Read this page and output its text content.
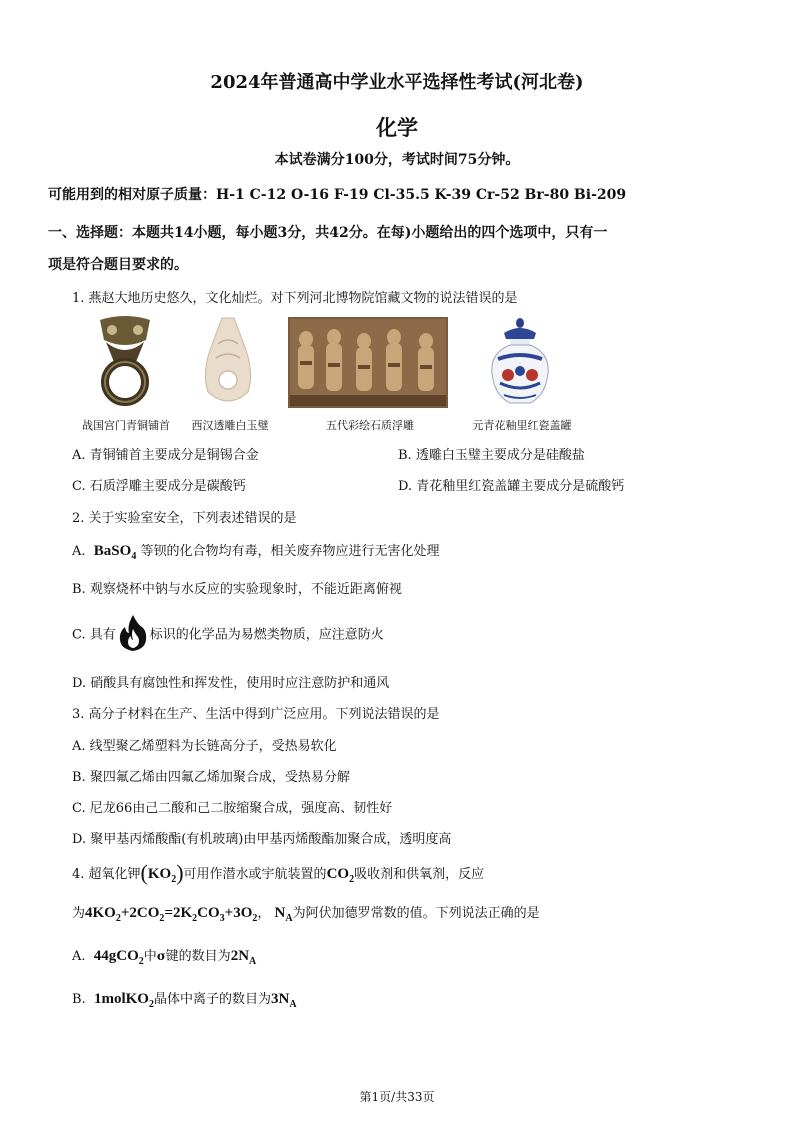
2024年普通高中学业水平选择性考试(河北卷)
化学
本试卷满分100分，考试时间75分钟。
可能用到的相对原子质量：H-1 C-12 O-16 F-19 Cl-35.5 K-39 Cr-52 Br-80 Bi-209
一、选择题：本题共14小题，每小题3分，共42分。在每)小题给出的四个选项中，只有一
项是符合题目要求的。
1. 燕赵大地历史悠久，文化灿烂。对下列河北博物院馆藏文物的说法错误的是
战国宫门青铜铺首	西汉透雕白玉璧	五代彩绘石质浮雕	元青花釉里红瓷盖罐
A. 青铜铺首主要成分是铜锡合金	B. 透雕白玉璧主要成分是硅酸盐
C. 石质浮雕主要成分是碳酸钙	D. 青花釉里红瓷盖罐主要成分是硫酸钙
2. 关于实验室安全，下列表述错误的是
A. BaSO$_4$ 等钡的化合物均有毒，相关废弃物应进行无害化处理
B. 观察烧杯中钠与水反应的实验现象时，不能近距离俯视
C. 具有	标识的化学品为易燃类物质，应注意防火
D. 硝酸具有腐蚀性和挥发性，使用时应注意防护和通风
3. 高分子材料在生产、生活中得到广泛应用。下列说法错误的是
A. 线型聚乙烯塑料为长链高分子，受热易软化
B. 聚四氟乙烯由四氟乙烯加聚合成，受热易分解
C. 尼龙66由己二酸和己二胺缩聚合成，强度高、韧性好
D. 聚甲基丙烯酸酯(有机玻璃)由甲基丙烯酸酯加聚合成，透明度高
4. 超氧化钾$(KO_2)$可用作潜水或宇航装置的$CO_2$吸收剂和供氧剂，反应
为$4KO_2+2CO_2=2K_2CO_3+3O_2$， $N_A$为阿伏加德罗常数的值。下列说法正确的是
A. 44gCO$_2$中σ键的数目为$2N_A$
B. 1molKO$_2$晶体中离子的数目为$3N_A$
第1页/共33页
